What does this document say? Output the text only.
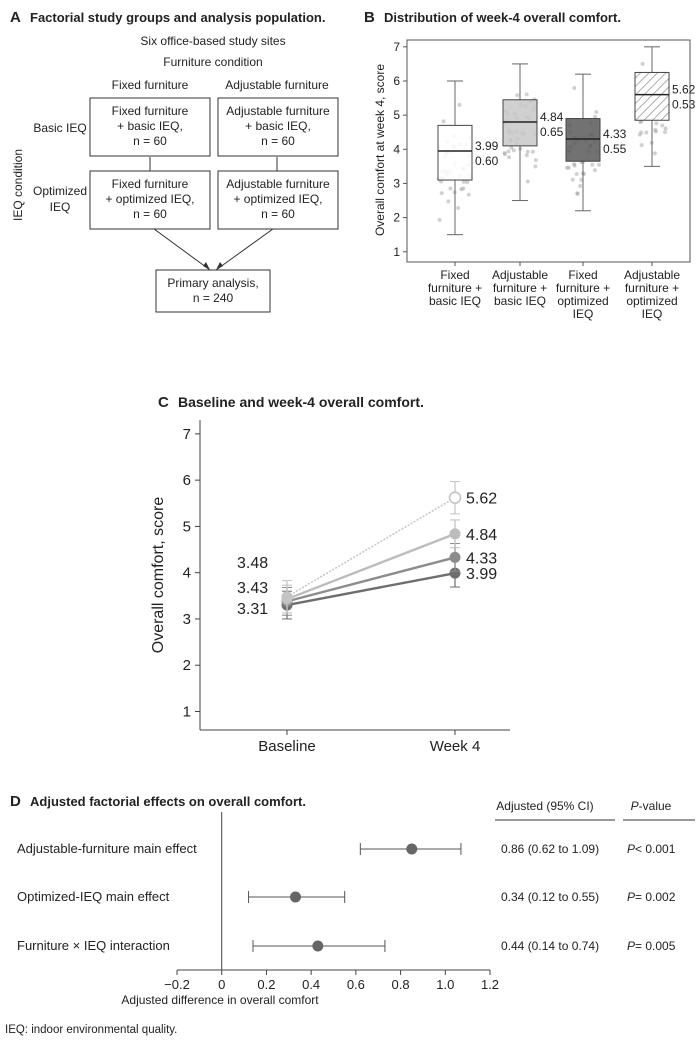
A Factorial study groups and analysis population.
Six office-based study sites
Furniture condition
Fixed furniture	Adjustable furniture
IEQ condition
Basic IEQ
Optimized
IEQ
Fixed furniture
+ basic IEQ,
n = 60
Adjustable furniture
+ basic IEQ,
n = 60
Fixed furniture
+ optimized IEQ,
n = 60
Adjustable furniture
+ optimized IEQ,
n = 60
Primary analysis,
n = 240
B Distribution of week-4 overall comfort.
Overall comfort at week 4, score
1
2
3
4
5
6
7
3.99
0.60
Fixed
furniture +
basic IEQ
4.84
0.65
Adjustable
furniture +
basic IEQ
4.33
0.55
Fixed
furniture +
optimized
IEQ
5.62
0.53
Adjustable
furniture +
optimized
IEQ
C Baseline and week-4 overall comfort.
Overall comfort, score
1
2
3
4
5
6
7
Baseline	Week 4
3.48
3.43
3.31
5.62
4.84
4.33
3.99
D Adjusted factorial effects on overall comfort.	Adjusted (95% CI)	P-value
Adjusted difference in overall comfort
−0.2 0 0.2 0.4 0.6 0.8 1.0 1.2
Adjustable-furniture main effect	0.86 (0.62 to 1.09) P< 0.001
Optimized-IEQ main effect	0.34 (0.12 to 0.55) P= 0.002
Furniture × IEQ interaction	0.44 (0.14 to 0.74) P= 0.005
IEQ: indoor environmental quality.
